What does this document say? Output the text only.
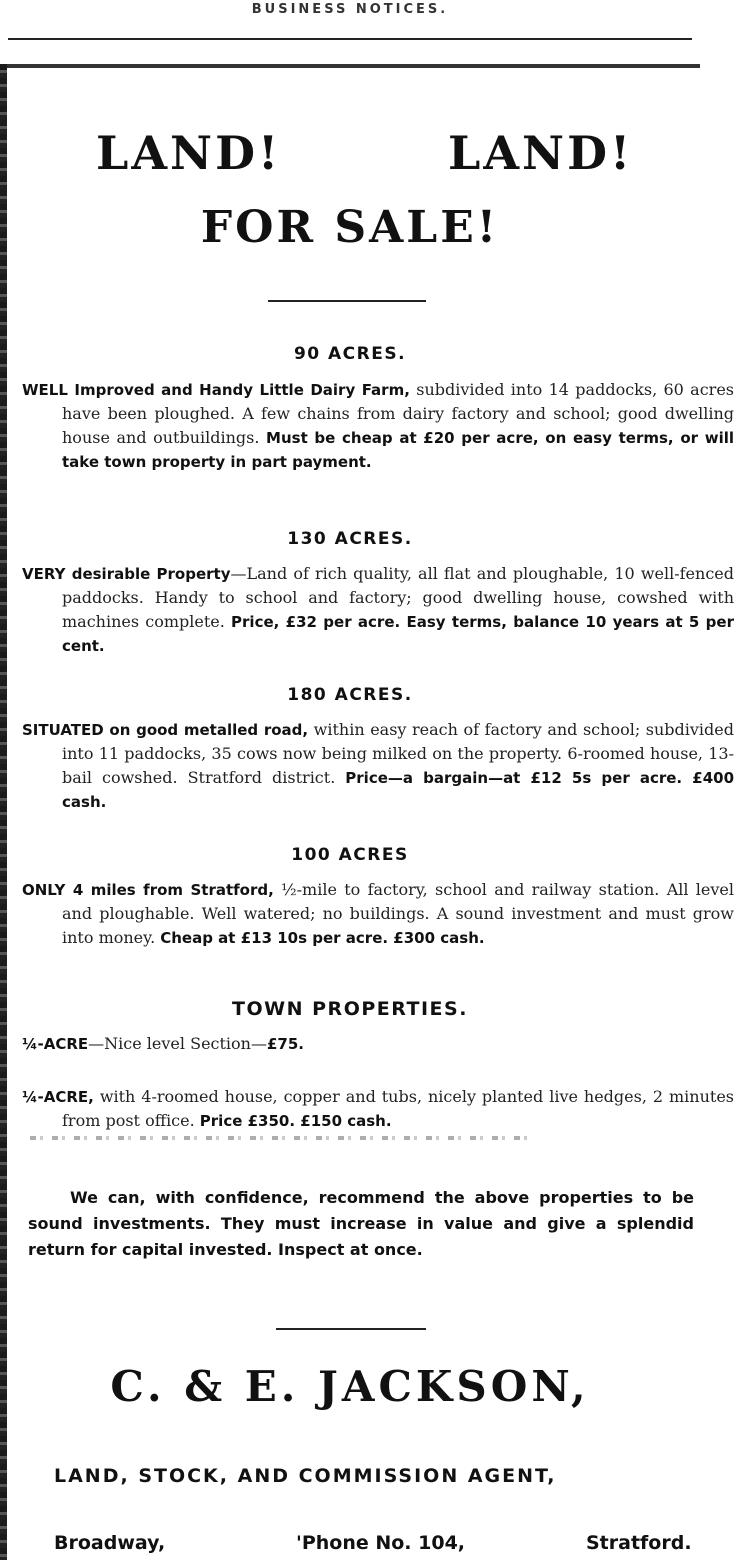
BUSINESS NOTICES.
LAND!	LAND!
FOR SALE!
90 ACRES.
WELL Improved and Handy Little Dairy Farm, subdivided into 14 paddocks, 60 acres have been ploughed. A few chains from dairy factory and school; good dwelling house and outbuildings. Must be cheap at £20 per acre, on easy terms, or will take town property in part payment.
130 ACRES.
VERY desirable Property—Land of rich quality, all flat and ploughable, 10 well-fenced paddocks. Handy to school and factory; good dwelling house, cowshed with machines complete. Price, £32 per acre. Easy terms, balance 10 years at 5 per cent.
180 ACRES.
SITUATED on good metalled road, within easy reach of factory and school; subdivided into 11 paddocks, 35 cows now being milked on the property. 6-roomed house, 13-bail cowshed. Stratford district. Price—a bargain—at £12 5s per acre. £400 cash.
100 ACRES
ONLY 4 miles from Stratford, ½-mile to factory, school and railway station. All level and ploughable. Well watered; no buildings. A sound investment and must grow into money. Cheap at £13 10s per acre. £300 cash.
TOWN PROPERTIES.
¼-ACRE—Nice level Section—£75.
¼-ACRE, with 4-roomed house, copper and tubs, nicely planted live hedges, 2 minutes from post office. Price £350. £150 cash.
We can, with confidence, recommend the above properties to be sound investments. They must increase in value and give a splendid return for capital invested. Inspect at once.
C. & E. JACKSON,
LAND, STOCK, AND COMMISSION AGENT,
Broadway,	'Phone No. 104,	Stratford.
